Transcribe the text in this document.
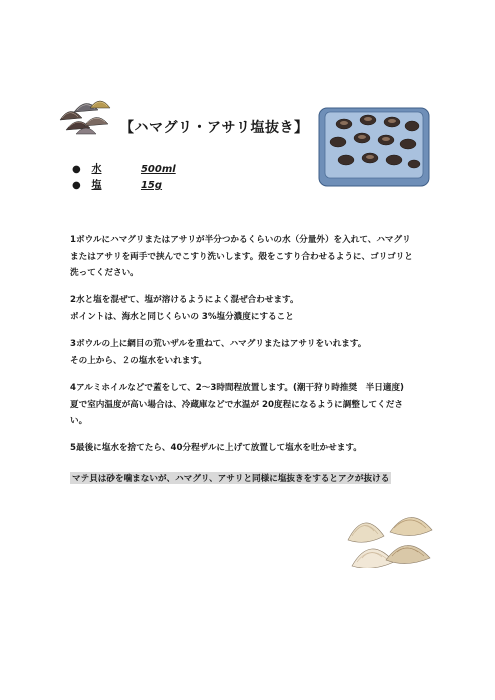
【ハマグリ・アサリ塩抜き】
● 水	500ml
● 塩	15g

1ボウルにハマグリまたはアサリが半分つかるくらいの水（分量外）を入れて、ハマグリ

またはアサリを両手で挟んでこすり洗いします。殻をこすり合わせるように、ゴリゴリと

洗ってください。

2水と塩を混ぜて、塩が溶けるようによく混ぜ合わせます。

ポイントは、海水と同じくらいの 3%塩分濃度にすること

3ボウルの上に網目の荒いザルを重ねて、ハマグリまたはアサリをいれます。

その上から、２の塩水をいれます。

4アルミホイルなどで蓋をして、2～3時間程放置します。(潮干狩り時推奨　半日適度)

夏で室内温度が高い場合は、冷蔵庫などで水温が 20度程になるように調整してくださ

い。

5最後に塩水を捨てたら、40分程ザルに上げて放置して塩水を吐かせます。

マテ貝は砂を噛まないが、ハマグリ、アサリと同様に塩抜きをするとアクが抜ける
